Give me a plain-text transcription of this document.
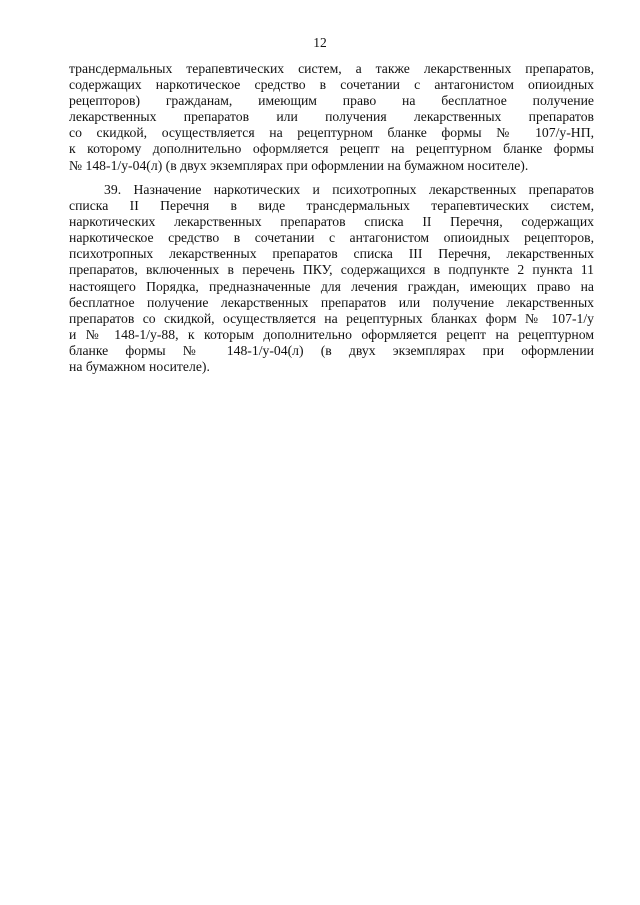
12
трансдермальных терапевтических систем, а также лекарственных препаратов,
содержащих наркотическое средство в сочетании с антагонистом опиоидных
рецепторов) гражданам, имеющим право на бесплатное получение
лекарственных препаратов или получения лекарственных препаратов
со скидкой, осуществляется на рецептурном бланке формы № 107/у-НП,
к которому дополнительно оформляется рецепт на рецептурном бланке формы
№ 148-1/у-04(л) (в двух экземплярах при оформлении на бумажном носителе).
39. Назначение наркотических и психотропных лекарственных препаратов
списка II Перечня в виде трансдермальных терапевтических систем,
наркотических лекарственных препаратов списка II Перечня, содержащих
наркотическое средство в сочетании с антагонистом опиоидных рецепторов,
психотропных лекарственных препаратов списка III Перечня, лекарственных
препаратов, включенных в перечень ПКУ, содержащихся в подпункте 2 пункта 11
настоящего Порядка, предназначенные для лечения граждан, имеющих право на
бесплатное получение лекарственных препаратов или получение лекарственных
препаратов со скидкой, осуществляется на рецептурных бланках форм № 107-1/у
и № 148-1/у-88, к которым дополнительно оформляется рецепт на рецептурном
бланке формы № 148-1/у-04(л) (в двух экземплярах при оформлении
на бумажном носителе).
